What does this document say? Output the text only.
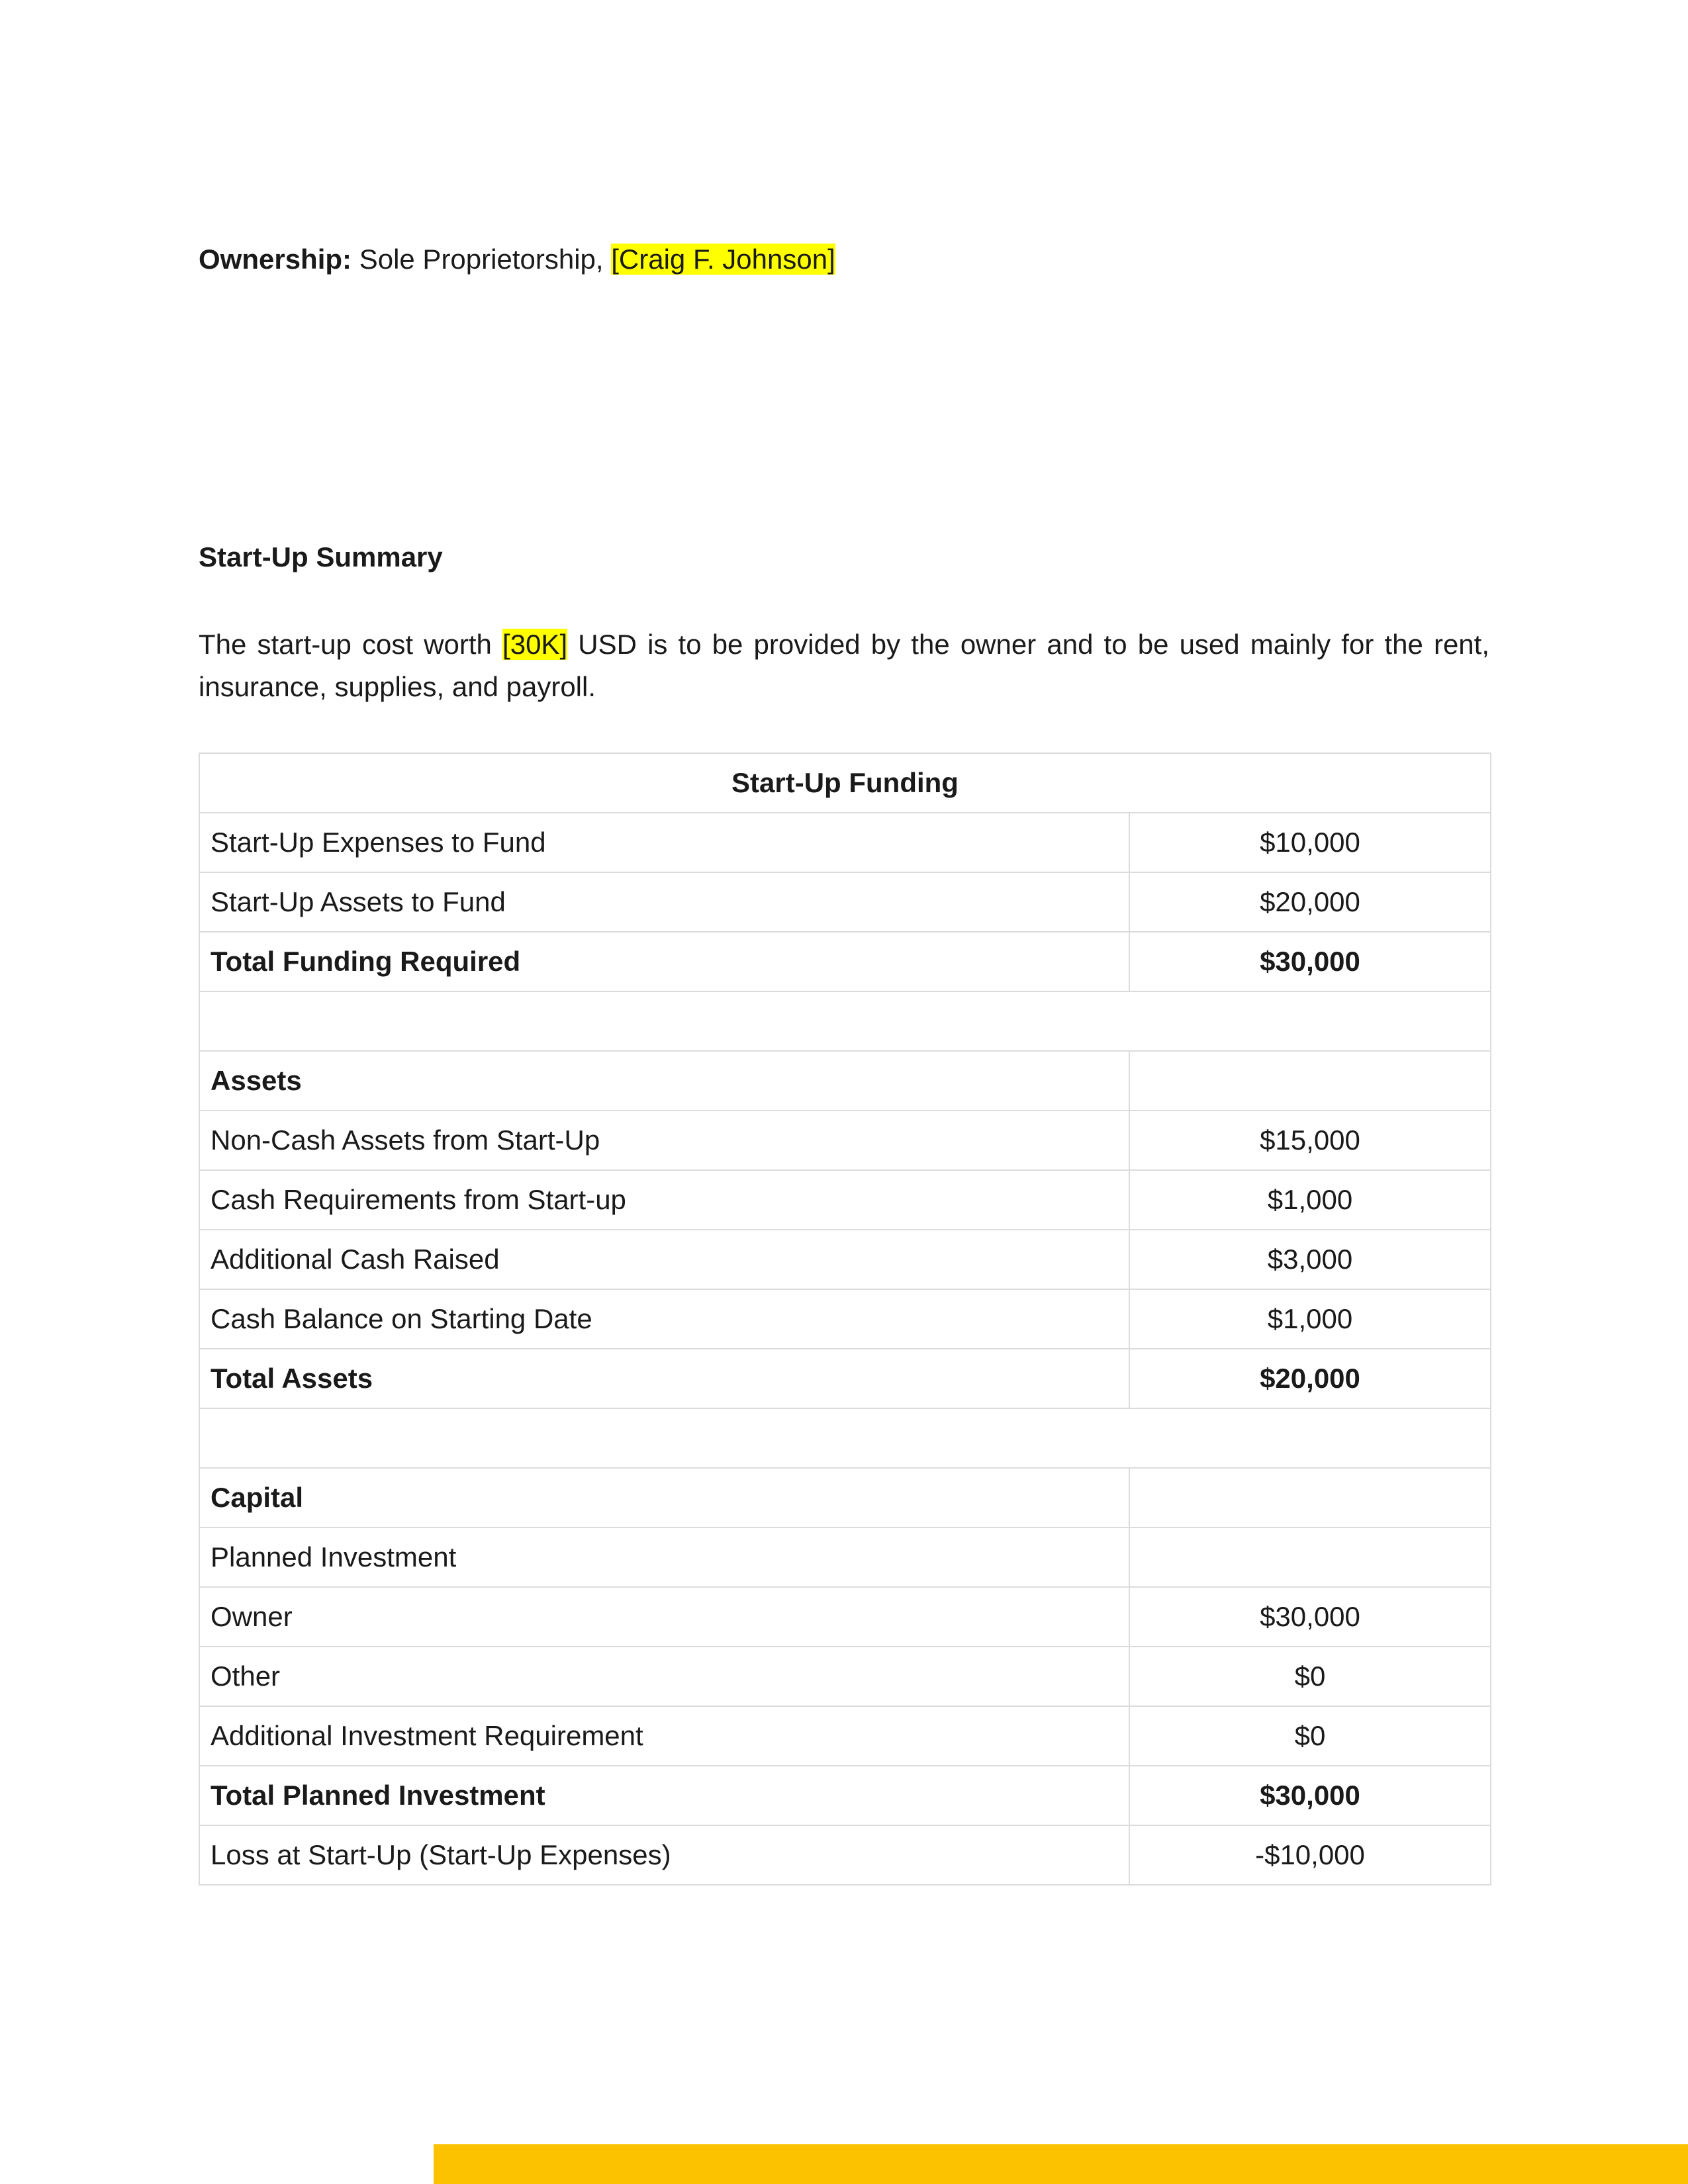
Ownership: Sole Proprietorship, [Craig F. Johnson]
Start-Up Summary

The start-up cost worth [30K] USD is to be provided by the owner and to be used mainly for the rent, insurance, supplies, and payroll.

Start-Up Funding	
Start-Up Expenses to Fund	$10,000
Start-Up Assets to Fund	$20,000
Total Funding Required	$30,000

Assets	
Non-Cash Assets from Start-Up	$15,000
Cash Requirements from Start-up	$1,000
Additional Cash Raised	$3,000
Cash Balance on Starting Date	$1,000
Total Assets	$20,000

Capital	
Planned Investment	
Owner	$30,000
Other	$0
Additional Investment Requirement	$0
Total Planned Investment	$30,000
Loss at Start-Up (Start-Up Expenses)	-$10,000
